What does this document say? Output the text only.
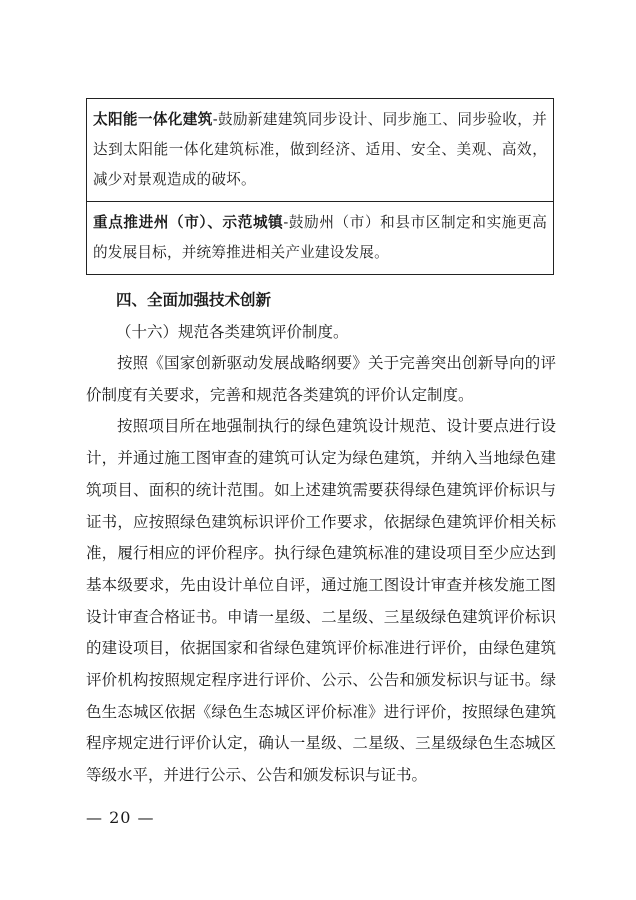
太阳能一体化建筑-鼓励新建建筑同步设计、同步施工、同步验收，并达到太阳能一体化建筑标准，做到经济、适用、安全、美观、高效，减少对景观造成的破坏。
重点推进州（市）、示范城镇-鼓励州（市）和县市区制定和实施更高的发展目标，并统筹推进相关产业建设发展。
四、全面加强技术创新
（十六）规范各类建筑评价制度。

按照《国家创新驱动发展战略纲要》关于完善突出创新导向的评价制度有关要求，完善和规范各类建筑的评价认定制度。

按照项目所在地强制执行的绿色建筑设计规范、设计要点进行设计，并通过施工图审查的建筑可认定为绿色建筑，并纳入当地绿色建筑项目、面积的统计范围。如上述建筑需要获得绿色建筑评价标识与证书，应按照绿色建筑标识评价工作要求，依据绿色建筑评价相关标准，履行相应的评价程序。执行绿色建筑标准的建设项目至少应达到基本级要求，先由设计单位自评，通过施工图设计审查并核发施工图设计审查合格证书。申请一星级、二星级、三星级绿色建筑评价标识的建设项目，依据国家和省绿色建筑评价标准进行评价，由绿色建筑评价机构按照规定程序进行评价、公示、公告和颁发标识与证书。绿色生态城区依据《绿色生态城区评价标准》进行评价，按照绿色建筑程序规定进行评价认定，确认一星级、二星级、三星级绿色生态城区等级水平，并进行公示、公告和颁发标识与证书。

— 20 —
